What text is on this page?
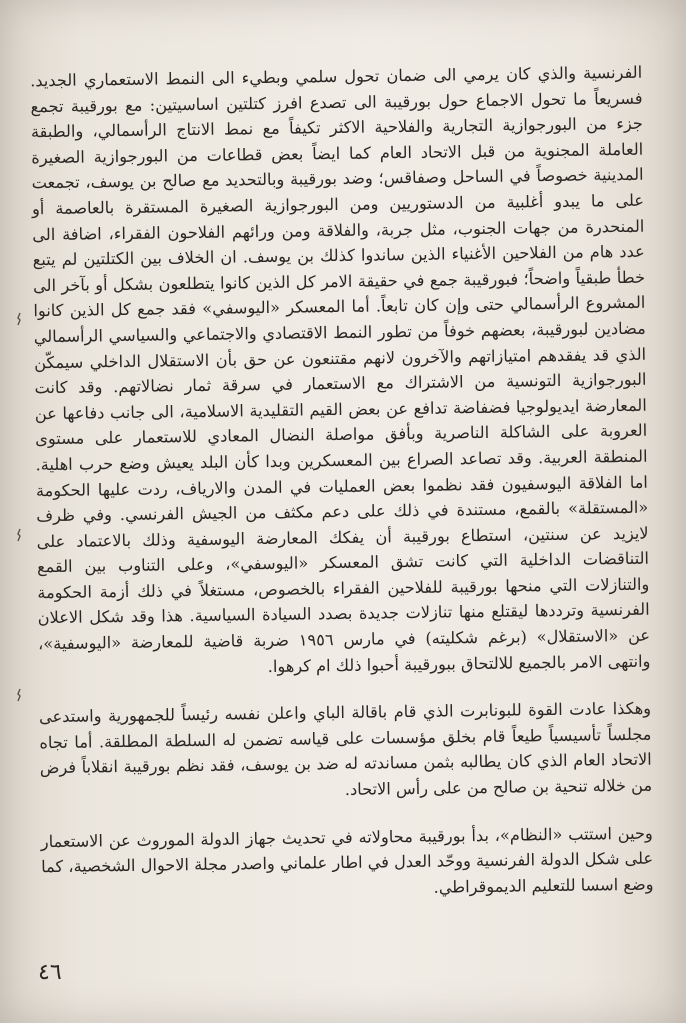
الفرنسية والذي كان يرمي الى ضمان تحول سلمي وبطيء الى النمط الاستعماري الجديد. فسريعاً ما تحول الاجماع حول بورقيبة الى تصدع افرز كتلتين اساسيتين: مع بورقيبة تجمع جزء من البورجوازية التجارية والفلاحية الاكثر تكيفاً مع نمط الانتاج الرأسمالي، والطبقة العاملة المجنوية من قبل الاتحاد العام كما ايضاً بعض قطاعات من البورجوازية الصغيرة المدينية خصوصاً في الساحل وصفاقس؛ وضد بورقيبة وبالتحديد مع صالح بن يوسف، تجمعت على ما يبدو أغلبية من الدستوريين ومن البورجوازية الصغيرة المستقرة بالعاصمة أو المنحدرة من جهات الجنوب، مثل جربة، والفلاقة ومن ورائهم الفلاحون الفقراء، اضافة الى عدد هام من الفلاحين الأغنياء الذين ساندوا كذلك بن يوسف. ان الخلاف بين الكتلتين لم يتبع خطأ طبقياً واضحاً؛ فبورقيبة جمع في حقيقة الامر كل الذين كانوا يتطلعون بشكل أو بآخر الى المشروع الرأسمالي حتى وإن كان تابعاً. أما المعسكر «اليوسفي» فقد جمع كل الذين كانوا مضادين لبورقيبة، بعضهم خوفاً من تطور النمط الاقتصادي والاجتماعي والسياسي الرأسمالي الذي قد يفقدهم امتيازاتهم والآخرون لانهم مقتنعون عن حق بأن الاستقلال الداخلي سيمكّن البورجوازية التونسية من الاشتراك مع الاستعمار في سرقة ثمار نضالاتهم. وقد كانت المعارضة ايديولوجيا فضفاضة تدافع عن بعض القيم التقليدية الاسلامية، الى جانب دفاعها عن العروبة على الشاكلة الناصرية وبأفق مواصلة النضال المعادي للاستعمار على مستوى المنطقة العربية. وقد تصاعد الصراع بين المعسكرين وبدا كأن البلد يعيش وضع حرب اهلية. اما الفلاقة اليوسفيون فقد نظموا بعض العمليات في المدن والارياف، ردت عليها الحكومة «المستقلة» بالقمع، مستندة في ذلك على دعم مكثف من الجيش الفرنسي. وفي ظرف لايزيد عن سنتين، استطاع بورقيبة أن يفكك المعارضة اليوسفية وذلك بالاعتماد على التناقضات الداخلية التي كانت تشق المعسكر «اليوسفي»، وعلى التناوب بين القمع والتنازلات التي منحها بورقيبة للفلاحين الفقراء بالخصوص، مستغلاً في ذلك أزمة الحكومة الفرنسية وترددها ليقتلع منها تنازلات جديدة بصدد السيادة السياسية. هذا وقد شكل الاعلان عن «الاستقلال» (برغم شكليته) في مارس ١٩٥٦ ضربة قاضية للمعارضة «اليوسفية»، وانتهى الامر بالجميع للالتحاق ببورقيبة أحبوا ذلك ام كرهوا.

وهكذا عادت القوة للبونابرت الذي قام باقالة الباي واعلن نفسه رئيساً للجمهورية واستدعى مجلساً تأسيسياً طيعاً قام بخلق مؤسسات على قياسه تضمن له السلطة المطلقة. أما تجاه الاتحاد العام الذي كان يطالبه بثمن مساندته له ضد بن يوسف، فقد نظم بورقيبة انقلاباً فرض من خلاله تنحية بن صالح من على رأس الاتحاد.

وحين استتب «النظام»، بدأ بورقيبة محاولاته في تحديث جهاز الدولة الموروث عن الاستعمار على شكل الدولة الفرنسية ووحّد العدل في اطار علماني واصدر مجلة الاحوال الشخصية، كما وضع اسسا للتعليم الديموقراطي.

٤٦
